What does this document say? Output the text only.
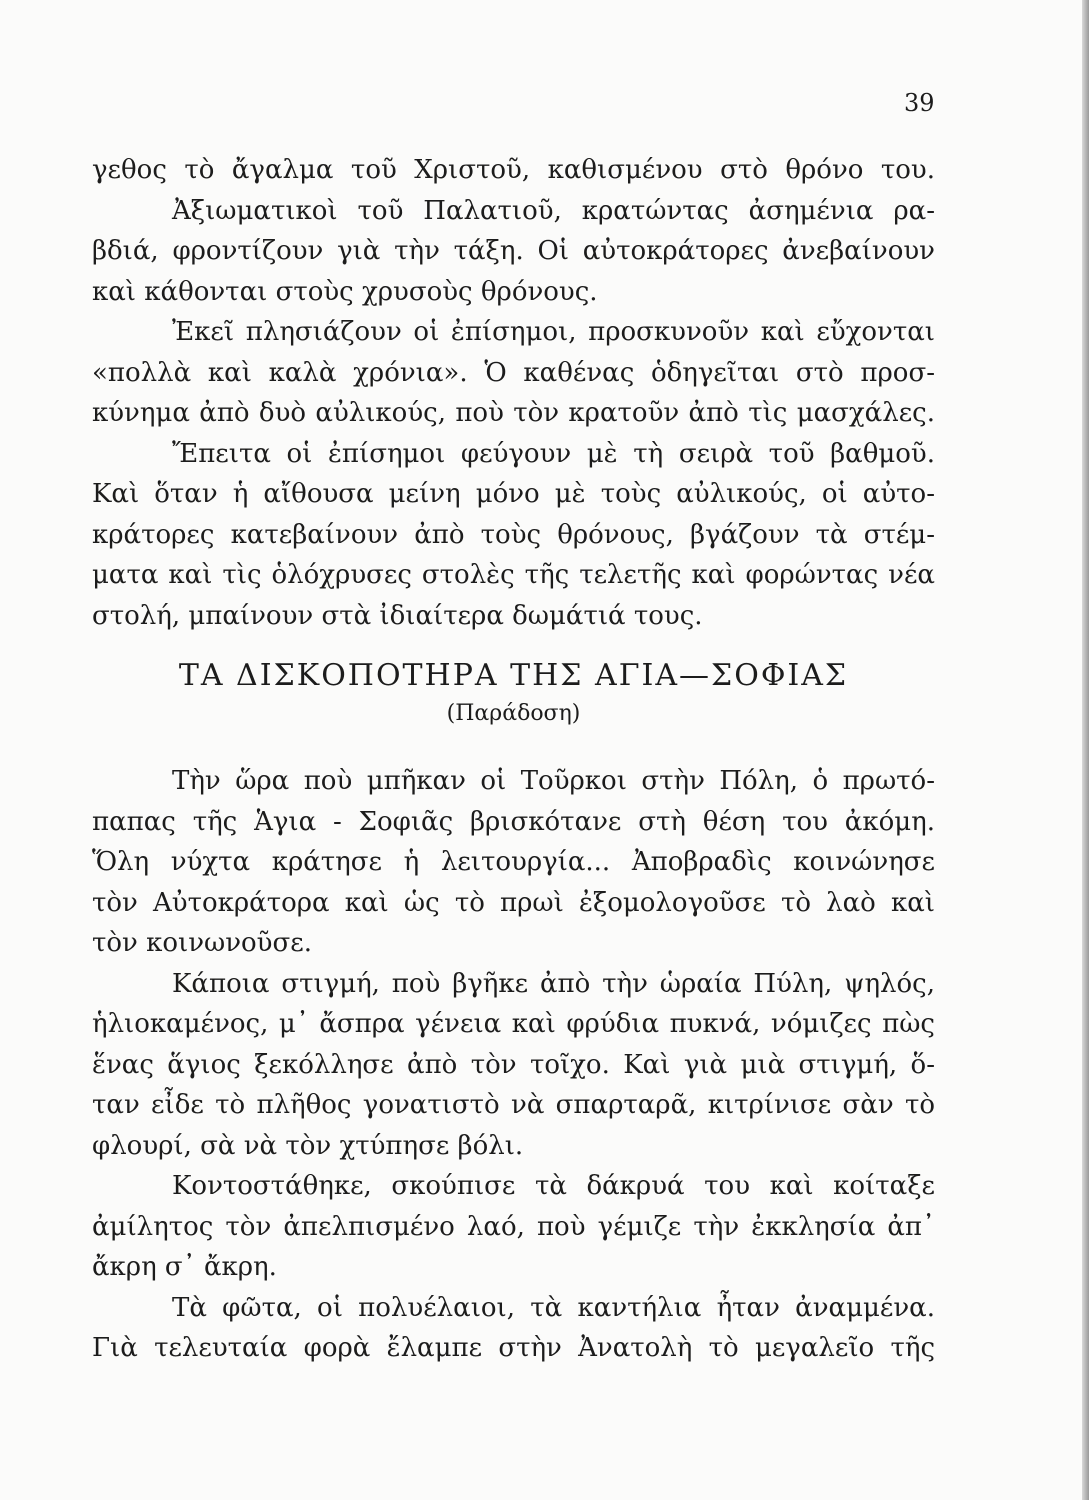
39
γεθος τὸ ἄγαλμα τοῦ Χριστοῦ, καθισμένου στὸ θρόνο του.
Ἀξιωματικοὶ τοῦ Παλατιοῦ, κρατώντας ἀσημένια ρα-
βδιά, φροντίζουν γιὰ τὴν τάξη. Οἱ αὐτοκράτορες ἀνεβαίνουν
καὶ κάθονται στοὺς χρυσοὺς θρόνους.
Ἐκεῖ πλησιάζουν οἱ ἐπίσημοι, προσκυνοῦν καὶ εὔχονται
«πολλὰ καὶ καλὰ χρόνια». Ὁ καθένας ὁδηγεῖται στὸ προσ-
κύνημα ἀπὸ δυὸ αὐλικούς, ποὺ τὸν κρατοῦν ἀπὸ τὶς μασχάλες.
Ἔπειτα οἱ ἐπίσημοι φεύγουν μὲ τὴ σειρὰ τοῦ βαθμοῦ.
Καὶ ὅταν ἡ αἴθουσα μείνη μόνο μὲ τοὺς αὐλικούς, οἱ αὐτο-
κράτορες κατεβαίνουν ἀπὸ τοὺς θρόνους, βγάζουν τὰ στέμ-
ματα καὶ τὶς ὁλόχρυσες στολὲς τῆς τελετῆς καὶ φορώντας νέα
στολή, μπαίνουν στὰ ἰδιαίτερα δωμάτιά τους.
ΤΑ ΔΙΣΚΟΠΟΤΗΡΑ ΤΗΣ ΑΓΙΑ—ΣΟΦΙΑΣ
(Παράδοση)
Τὴν ὥρα ποὺ μπῆκαν οἱ Τοῦρκοι στὴν Πόλη, ὁ πρωτό-
παπας τῆς Ἁγια - Σοφιᾶς βρισκότανε στὴ θέση του ἀκόμη.
Ὅλη νύχτα κράτησε ἡ λειτουργία... Ἀποβραδὶς κοινώνησε
τὸν Αὐτοκράτορα καὶ ὡς τὸ πρωὶ ἐξομολογοῦσε τὸ λαὸ καὶ
τὸν κοινωνοῦσε.
Κάποια στιγμή, ποὺ βγῆκε ἀπὸ τὴν ὡραία Πύλη, ψηλός,
ἡλιοκαμένος, μ᾿ ἄσπρα γένεια καὶ φρύδια πυκνά, νόμιζες πὼς
ἕνας ἅγιος ξεκόλλησε ἀπὸ τὸν τοῖχο. Καὶ γιὰ μιὰ στιγμή, ὅ-
ταν εἶδε τὸ πλῆθος γονατιστὸ νὰ σπαρταρᾶ, κιτρίνισε σὰν τὸ
φλουρί, σὰ νὰ τὸν χτύπησε βόλι.
Κοντοστάθηκε, σκούπισε τὰ δάκρυά του καὶ κοίταξε
ἀμίλητος τὸν ἀπελπισμένο λαό, ποὺ γέμιζε τὴν ἐκκλησία ἀπ᾿
ἄκρη σ᾿ ἄκρη.
Τὰ φῶτα, οἱ πολυέλαιοι, τὰ καντήλια ἦταν ἀναμμένα.
Γιὰ τελευταία φορὰ ἔλαμπε στὴν Ἀνατολὴ τὸ μεγαλεῖο τῆς
